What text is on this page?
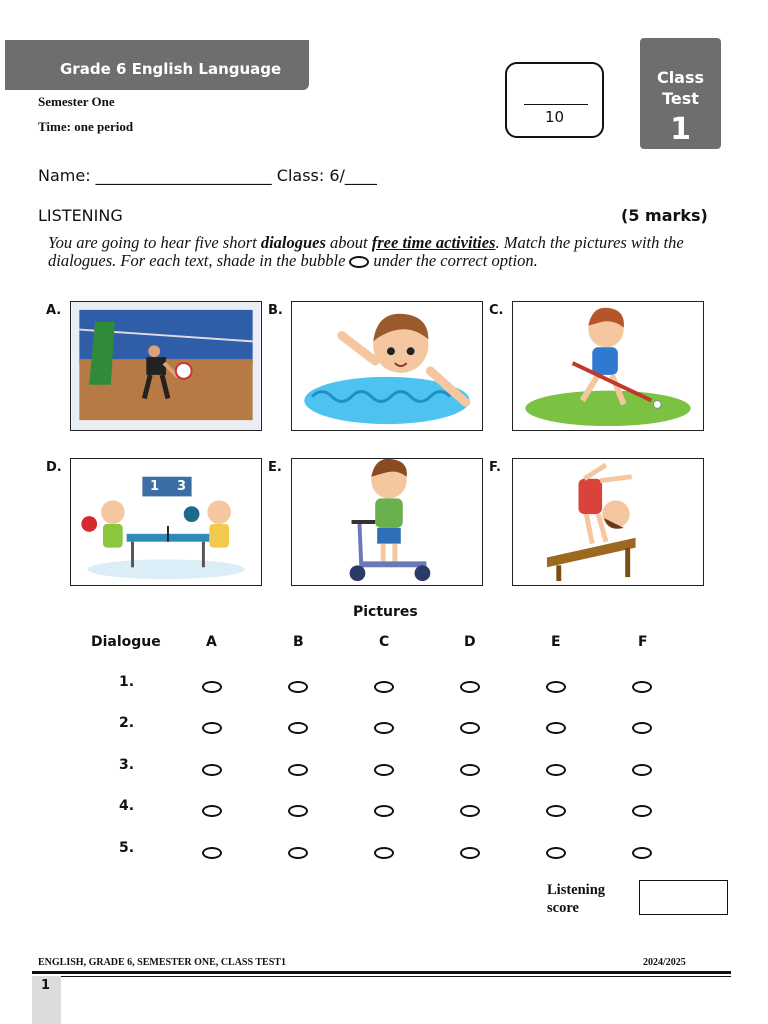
Grade 6 English Language
Semester One
Time: one period
10
Class
Test
1
Name: ______________________ Class: 6/____
LISTENING	(5 marks)
You are going to hear five short dialogues about free time activities. Match the pictures with the dialogues. For each text, shade in the bubble under the correct option.
A.	B.	C.
D.
1 3
E.	F.
Pictures
Dialogue	A	B	C	D	E	F
1.
2.
3.
4.
5.
Listening
score
ENGLISH, GRADE 6, SEMESTER ONE, CLASS TEST1	2024/2025
1
